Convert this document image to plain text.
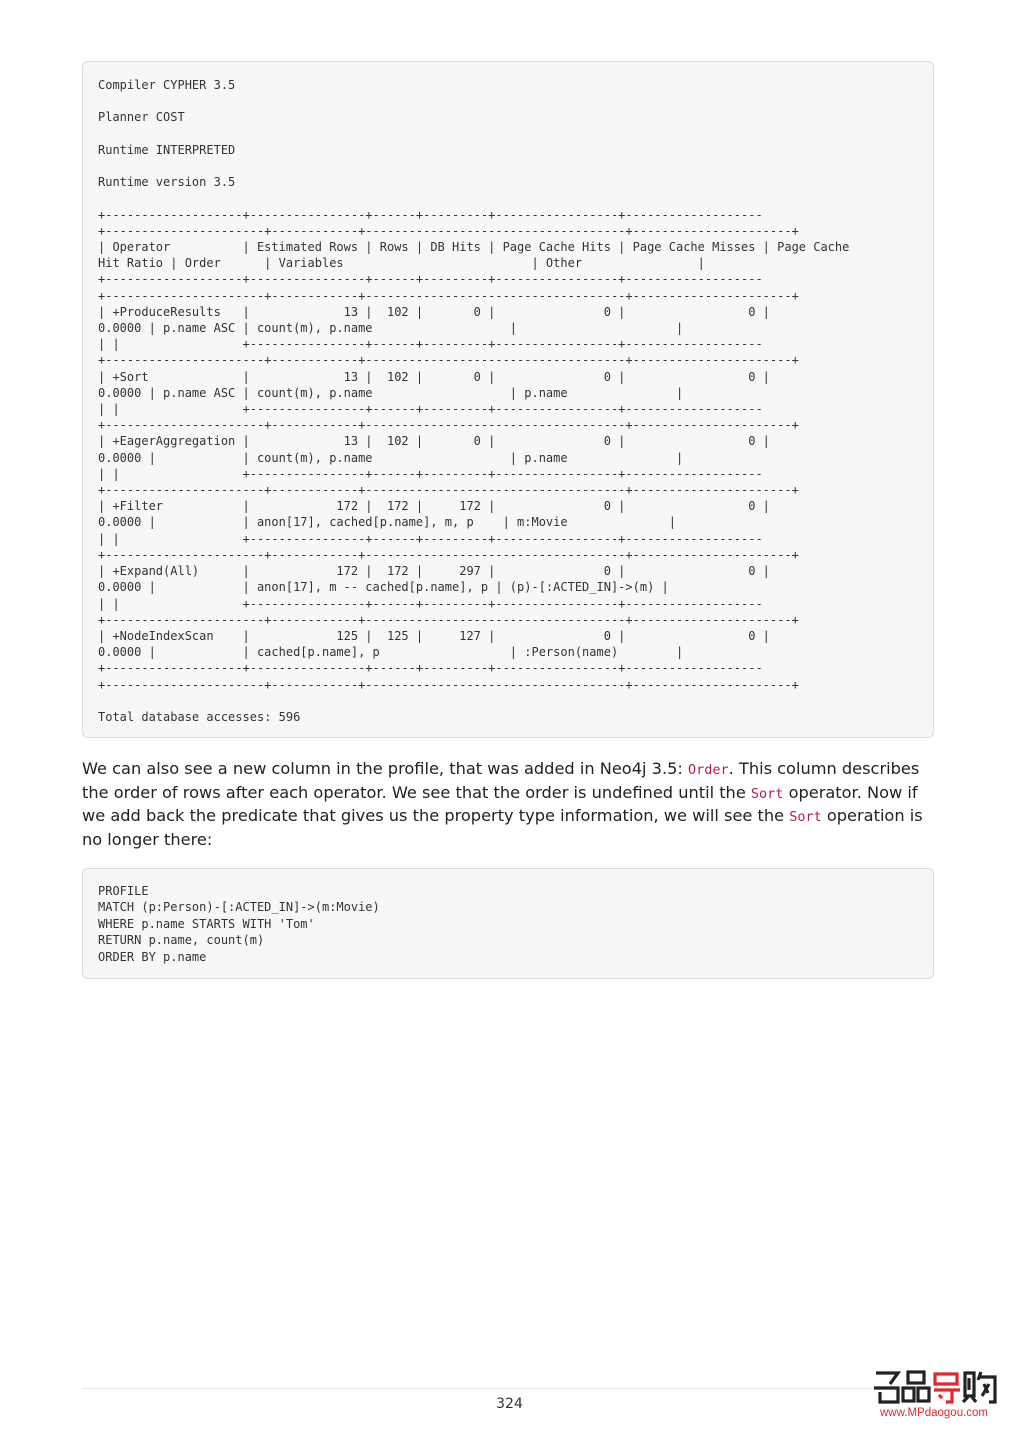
Compiler CYPHER 3.5

Planner COST

Runtime INTERPRETED

Runtime version 3.5

+-------------------+----------------+------+---------+-----------------+-------------------
+----------------------+------------+------------------------------------+----------------------+
| Operator          | Estimated Rows | Rows | DB Hits | Page Cache Hits | Page Cache Misses | Page Cache
Hit Ratio | Order      | Variables                          | Other                |
+-------------------+----------------+------+---------+-----------------+-------------------
+----------------------+------------+------------------------------------+----------------------+
| +ProduceResults   |             13 |  102 |       0 |               0 |                 0 |
0.0000 | p.name ASC | count(m), p.name                   |                      |
| |                 +----------------+------+---------+-----------------+-------------------
+----------------------+------------+------------------------------------+----------------------+
| +Sort             |             13 |  102 |       0 |               0 |                 0 |
0.0000 | p.name ASC | count(m), p.name                   | p.name               |
| |                 +----------------+------+---------+-----------------+-------------------
+----------------------+------------+------------------------------------+----------------------+
| +EagerAggregation |             13 |  102 |       0 |               0 |                 0 |
0.0000 |            | count(m), p.name                   | p.name               |
| |                 +----------------+------+---------+-----------------+-------------------
+----------------------+------------+------------------------------------+----------------------+
| +Filter           |            172 |  172 |     172 |               0 |                 0 |
0.0000 |            | anon[17], cached[p.name], m, p    | m:Movie              |
| |                 +----------------+------+---------+-----------------+-------------------
+----------------------+------------+------------------------------------+----------------------+
| +Expand(All)      |            172 |  172 |     297 |               0 |                 0 |
0.0000 |            | anon[17], m -- cached[p.name], p | (p)-[:ACTED_IN]->(m) |
| |                 +----------------+------+---------+-----------------+-------------------
+----------------------+------------+------------------------------------+----------------------+
| +NodeIndexScan    |            125 |  125 |     127 |               0 |                 0 |
0.0000 |            | cached[p.name], p                  | :Person(name)        |
+-------------------+----------------+------+---------+-----------------+-------------------
+----------------------+------------+------------------------------------+----------------------+

Total database accesses: 596

We can also see a new column in the profile, that was added in Neo4j 3.5: Order. This column describes the order of rows after each operator. We see that the order is undefined until the Sort operator. Now if we add back the predicate that gives us the property type information, we will see the Sort operation is no longer there:

PROFILE
MATCH (p:Person)-[:ACTED_IN]->(m:Movie)
WHERE p.name STARTS WITH 'Tom'
RETURN p.name, count(m)
ORDER BY p.name
324
www.MPdaogou.com
